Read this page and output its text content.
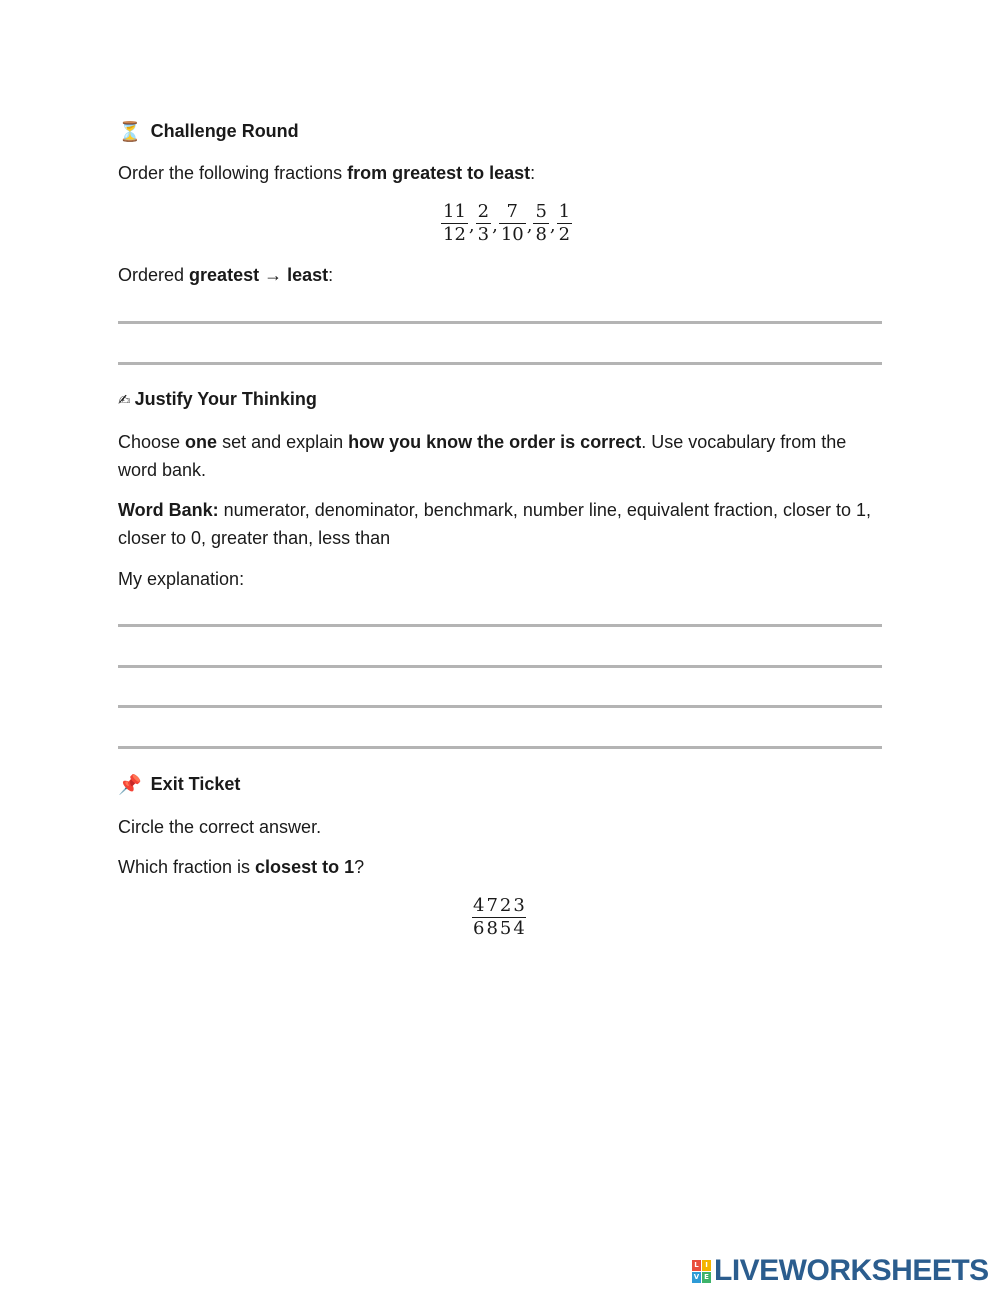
⏳ Challenge Round
Order the following fractions from greatest to least:
$\frac{11}{12}$ , $\frac{2}{3}$ , $\frac{7}{10}$ , $\frac{5}{8}$ , $\frac{1}{2}$
Ordered greatest → least:
✍ Justify Your Thinking
Choose one set and explain how you know the order is correct. Use vocabulary from the word bank.
Word Bank: numerator, denominator, benchmark, number line, equivalent fraction, closer to 1, closer to 0, greater than, less than
My explanation:
📌 Exit Ticket
Circle the correct answer.
Which fraction is closest to 1?
$\frac{4}{6} \frac{7}{8} \frac{2}{5} \frac{3}{4}$
L I
V E LIVEWORKSHEETS
